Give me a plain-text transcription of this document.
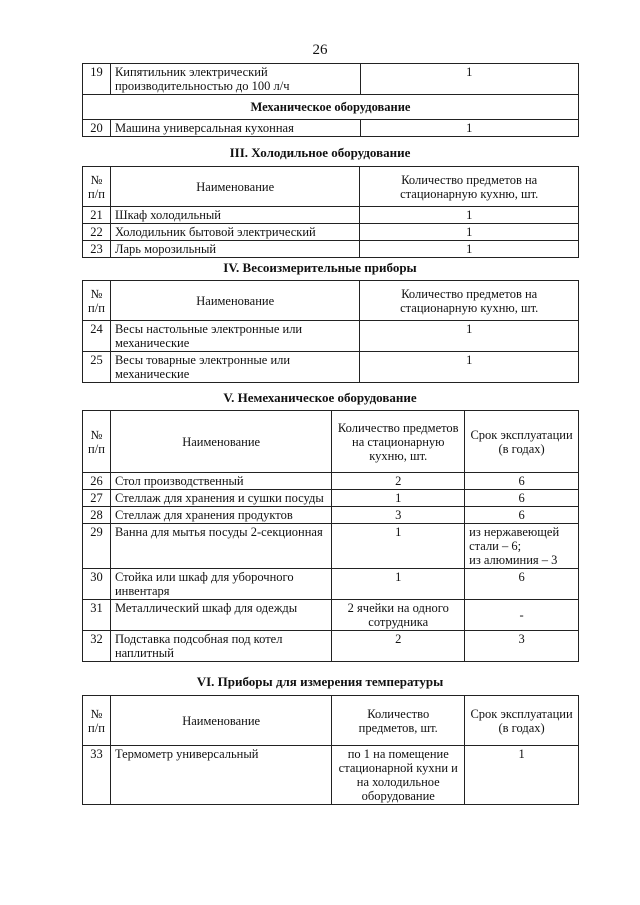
26
19	Кипятильник электрический производительностью до 100 л/ч	1
Механическое оборудование		
20	Машина универсальная кухонная	1
III. Холодильное оборудование
№
п/п	Наименование	Количество предметов на стационарную кухню, шт.
21	Шкаф холодильный	1
22	Холодильник бытовой электрический	1
23	Ларь морозильный	1
IV. Весоизмерительные приборы
№
п/п	Наименование	Количество предметов на стационарную кухню, шт.
24	Весы настольные электронные или механические	1
25	Весы товарные электронные или механические	1
V. Немеханическое оборудование
№
п/п	Наименование	Количество предметов на стационарную кухню, шт.	Срок эксплуатации (в годах)
26	Стол производственный	2	6
27	Стеллаж для хранения и сушки посуды	1	6
28	Стеллаж для хранения продуктов	3	6
29	Ванна для мытья посуды 2-секционная	1	из нержавеющей стали – 6;
из алюминия – 3
30	Стойка или шкаф для уборочного инвентаря	1	6
31	Металлический шкаф для одежды	2 ячейки на одного сотрудника	-
32	Подставка подсобная под котел наплитный	2	3
VI. Приборы для измерения температуры
№
п/п	Наименование	Количество предметов, шт.	Срок эксплуатации (в годах)
33	Термометр универсальный	по 1 на помещение стационарной кухни и на холодильное оборудование	1
